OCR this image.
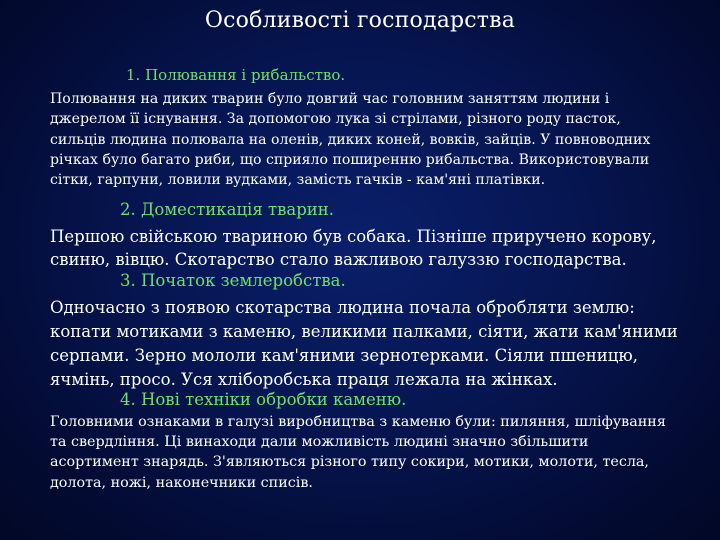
Особливості господарства
1. Полювання і рибальство.
Полювання на диких тварин було довгий час головним заняттям людини і
джерелом її існування. За допомогою лука зі стрілами, різного роду пасток,
сильців людина полювала на оленів, диких коней, вовків, зайців. У повноводних
річках було багато риби, що сприяло поширенню рибальства. Використовували
сітки, гарпуни, ловили вудками, замість гачків - кам'яні платівки.
2. Доместикація тварин.
Першою свійською твариною був собака. Пізніше приручено корову,
свиню, вівцю. Скотарство стало важливою галуззю господарства.
3. Початок землеробства.
Одночасно з появою скотарства людина почала обробляти землю:
копати мотиками з каменю, великими палками, сіяти, жати кам'яними
серпами. Зерно мололи кам'яними зернотерками. Сіяли пшеницю,
ячмінь, просо. Уся хліборобська праця лежала на жінках.
4. Нові техніки обробки каменю.
Головними ознаками в галузі виробництва з каменю були: пиляння, шліфування
та свердління. Ці винаходи дали можливість людині значно збільшити
асортимент знарядь. З'являються різного типу сокири, мотики, молоти, тесла,
долота, ножі, наконечники списів.
